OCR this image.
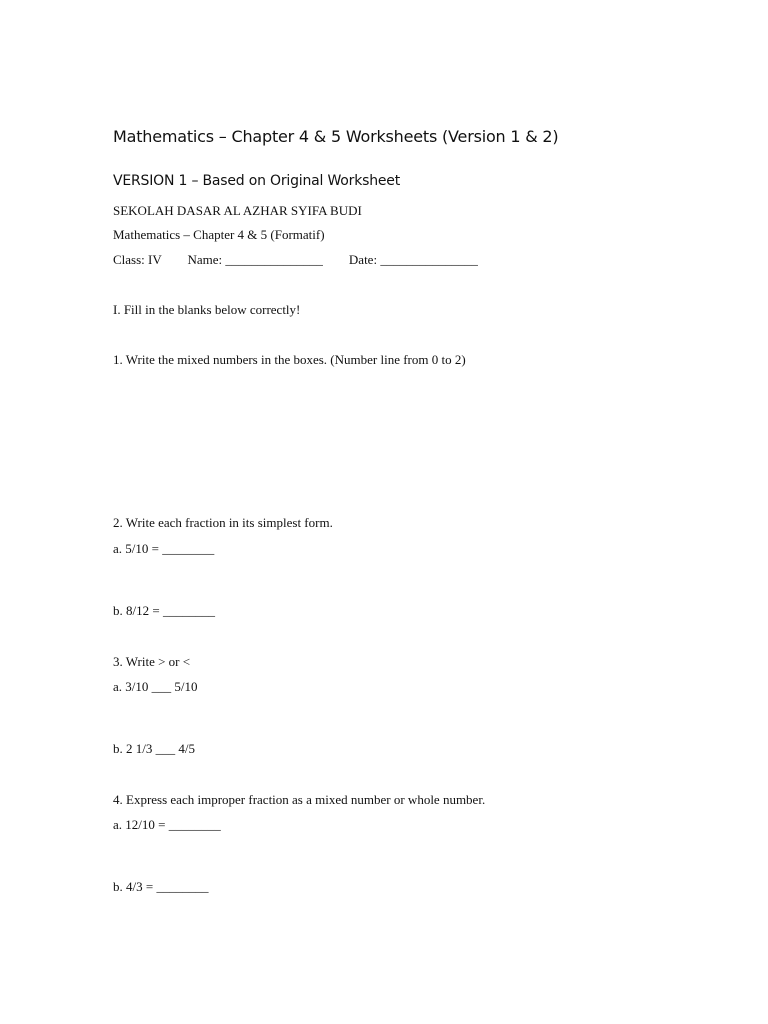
Mathematics – Chapter 4 & 5 Worksheets (Version 1 & 2)
VERSION 1 – Based on Original Worksheet
SEKOLAH DASAR AL AZHAR SYIFA BUDI
Mathematics – Chapter 4 & 5 (Formatif)
Class: IV        Name: _______________        Date: _______________
I. Fill in the blanks below correctly!
1. Write the mixed numbers in the boxes. (Number line from 0 to 2)
2. Write each fraction in its simplest form.
a. 5/10 = ________
b. 8/12 = ________
3. Write > or <
a. 3/10 ___ 5/10
b. 2 1/3 ___ 4/5
4. Express each improper fraction as a mixed number or whole number.
a. 12/10 = ________
b. 4/3 = ________
